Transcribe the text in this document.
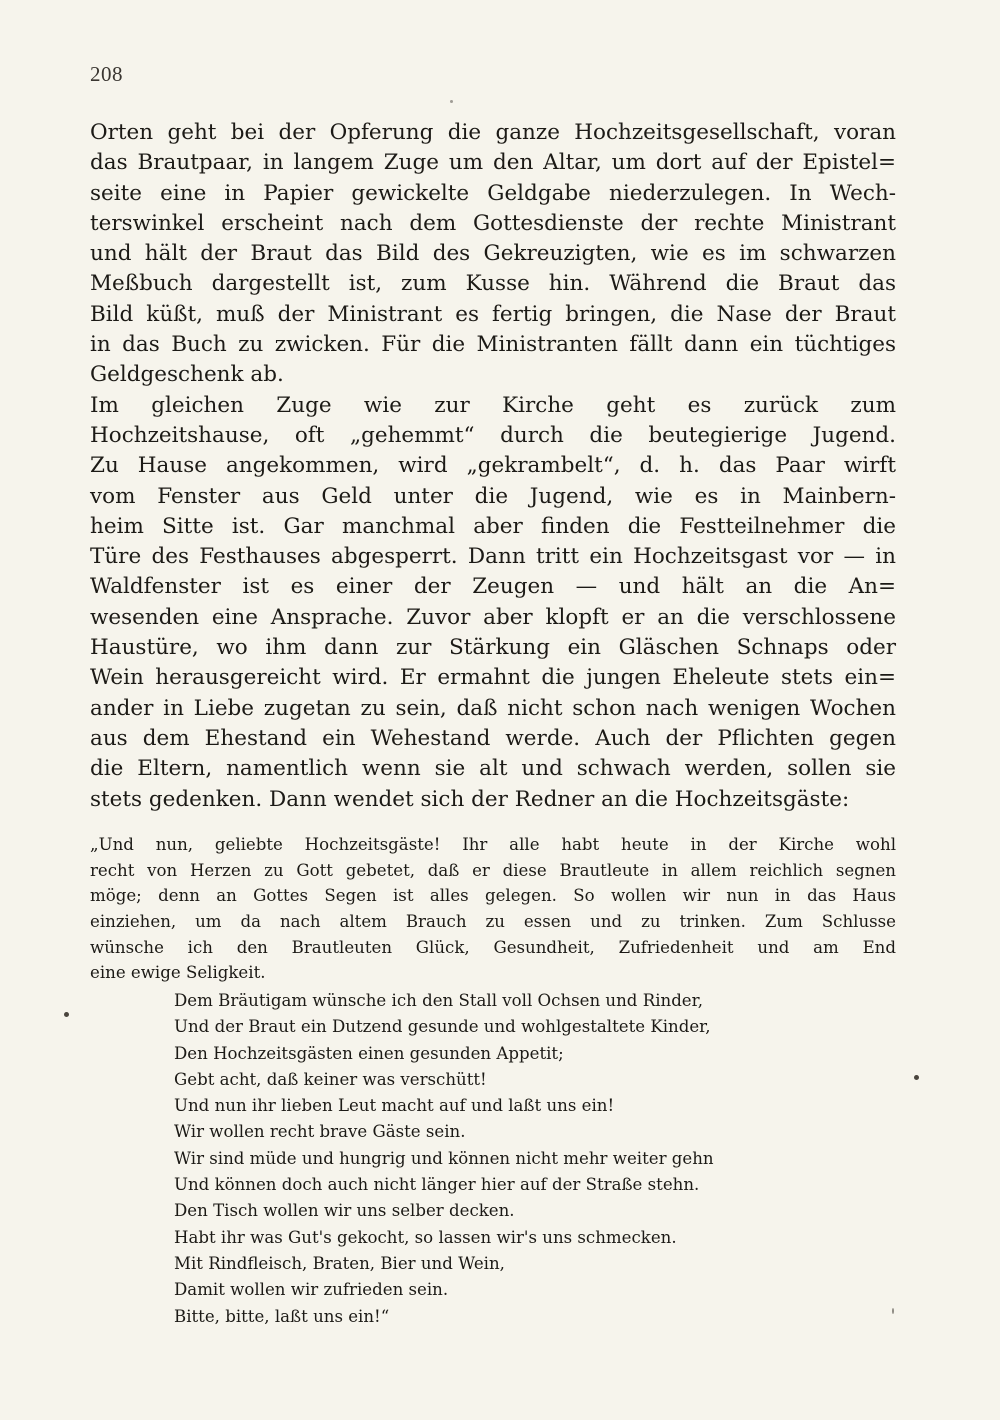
208
Orten geht bei der Opferung die ganze Hochzeitsgesellschaft, voran
das Brautpaar, in langem Zuge um den Altar, um dort auf der Epistel=
seite eine in Papier gewickelte Geldgabe niederzulegen. In Wech-
terswinkel erscheint nach dem Gottesdienste der rechte Ministrant
und hält der Braut das Bild des Gekreuzigten, wie es im schwarzen
Meßbuch dargestellt ist, zum Kusse hin. Während die Braut das
Bild küßt, muß der Ministrant es fertig bringen, die Nase der Braut
in das Buch zu zwicken. Für die Ministranten fällt dann ein tüchtiges
Geldgeschenk ab.
Im gleichen Zuge wie zur Kirche geht es zurück zum
Hochzeitshause, oft „gehemmt“ durch die beutegierige Jugend.
Zu Hause angekommen, wird „gekrambelt“, d. h. das Paar wirft
vom Fenster aus Geld unter die Jugend, wie es in Mainbern-
heim Sitte ist. Gar manchmal aber finden die Festteilnehmer die
Türe des Festhauses abgesperrt. Dann tritt ein Hochzeitsgast vor — in
Waldfenster ist es einer der Zeugen — und hält an die An=
wesenden eine Ansprache. Zuvor aber klopft er an die verschlossene
Haustüre, wo ihm dann zur Stärkung ein Gläschen Schnaps oder
Wein herausgereicht wird. Er ermahnt die jungen Eheleute stets ein=
ander in Liebe zugetan zu sein, daß nicht schon nach wenigen Wochen
aus dem Ehestand ein Wehestand werde. Auch der Pflichten gegen
die Eltern, namentlich wenn sie alt und schwach werden, sollen sie
stets gedenken. Dann wendet sich der Redner an die Hochzeitsgäste:
„Und nun, geliebte Hochzeitsgäste! Ihr alle habt heute in der Kirche wohl
recht von Herzen zu Gott gebetet, daß er diese Brautleute in allem reichlich segnen
möge; denn an Gottes Segen ist alles gelegen. So wollen wir nun in das Haus
einziehen, um da nach altem Brauch zu essen und zu trinken. Zum Schlusse
wünsche ich den Brautleuten Glück, Gesundheit, Zufriedenheit und am End
eine ewige Seligkeit.
Dem Bräutigam wünsche ich den Stall voll Ochsen und Rinder,
Und der Braut ein Dutzend gesunde und wohlgestaltete Kinder,
Den Hochzeitsgästen einen gesunden Appetit;
Gebt acht, daß keiner was verschütt!
Und nun ihr lieben Leut macht auf und laßt uns ein!
Wir wollen recht brave Gäste sein.
Wir sind müde und hungrig und können nicht mehr weiter gehn
Und können doch auch nicht länger hier auf der Straße stehn.
Den Tisch wollen wir uns selber decken.
Habt ihr was Gut's gekocht, so lassen wir's uns schmecken.
Mit Rindfleisch, Braten, Bier und Wein,
Damit wollen wir zufrieden sein.
Bitte, bitte, laßt uns ein!“
